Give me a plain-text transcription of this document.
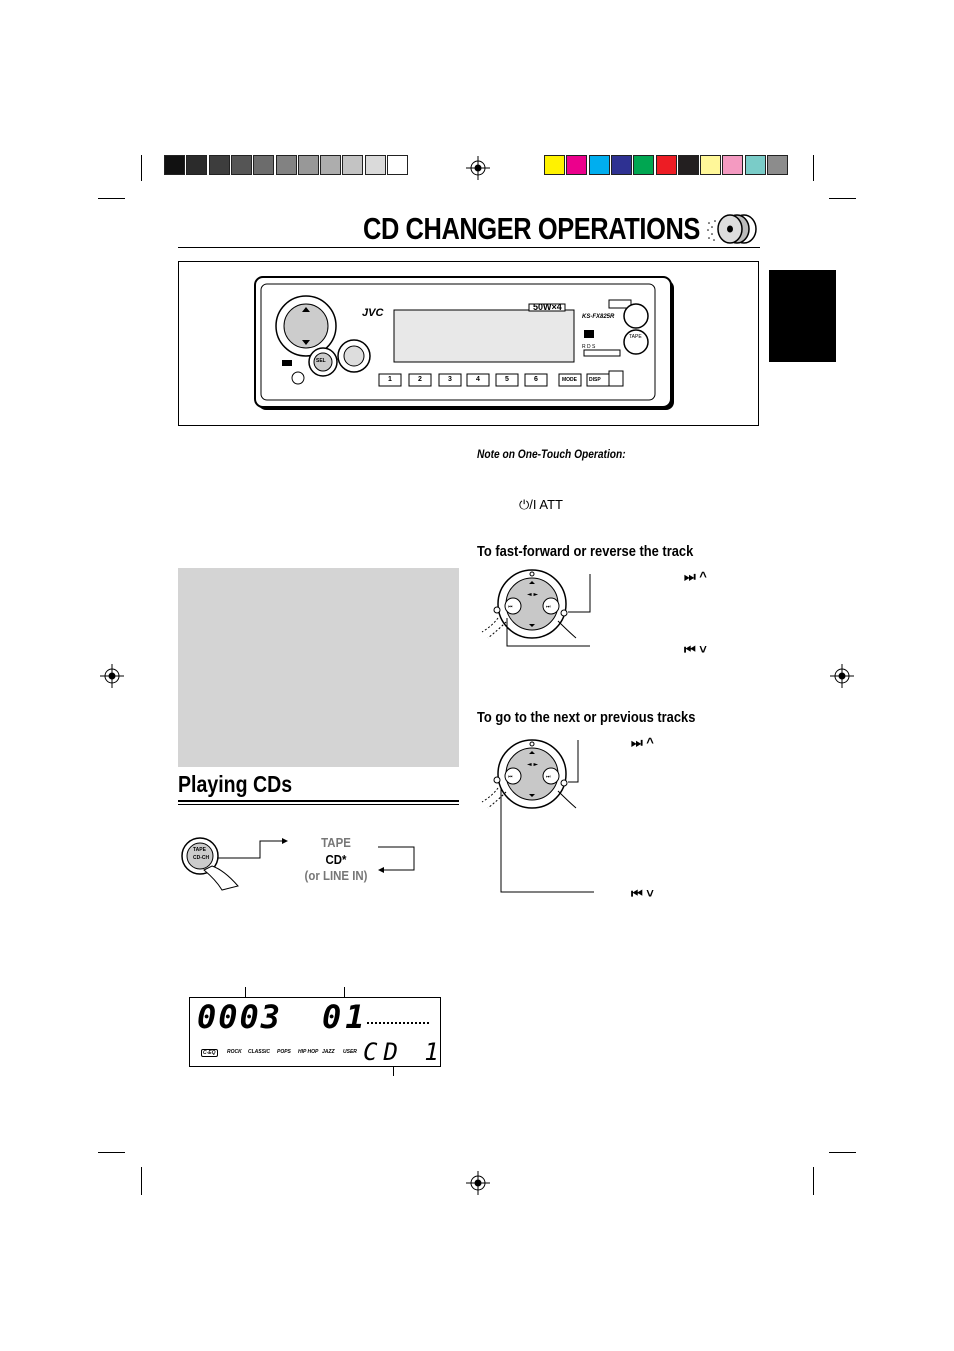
CD CHANGER OPERATIONS
JVC	50W×4
KS-FX825R
SEL
TAPE
R D S
1	2	3	4	5	6	MODE DISP
Note on One-Touch Operation:
⏻/I ATT
Playing CDs
To fast-forward or reverse the track
◄ ►
⏮	⏭
⏭ ^
⏮ ˅
To go to the next or previous tracks
◄ ►
⏮	⏭
⏭ ^
⏮ ˅
TAPE
CD-CH
TAPE
CD*
(or LINE IN)
0003 01
CD 1
C-EQ	ROCK CLASSIC POPS HIP HOP JAZZ USER
